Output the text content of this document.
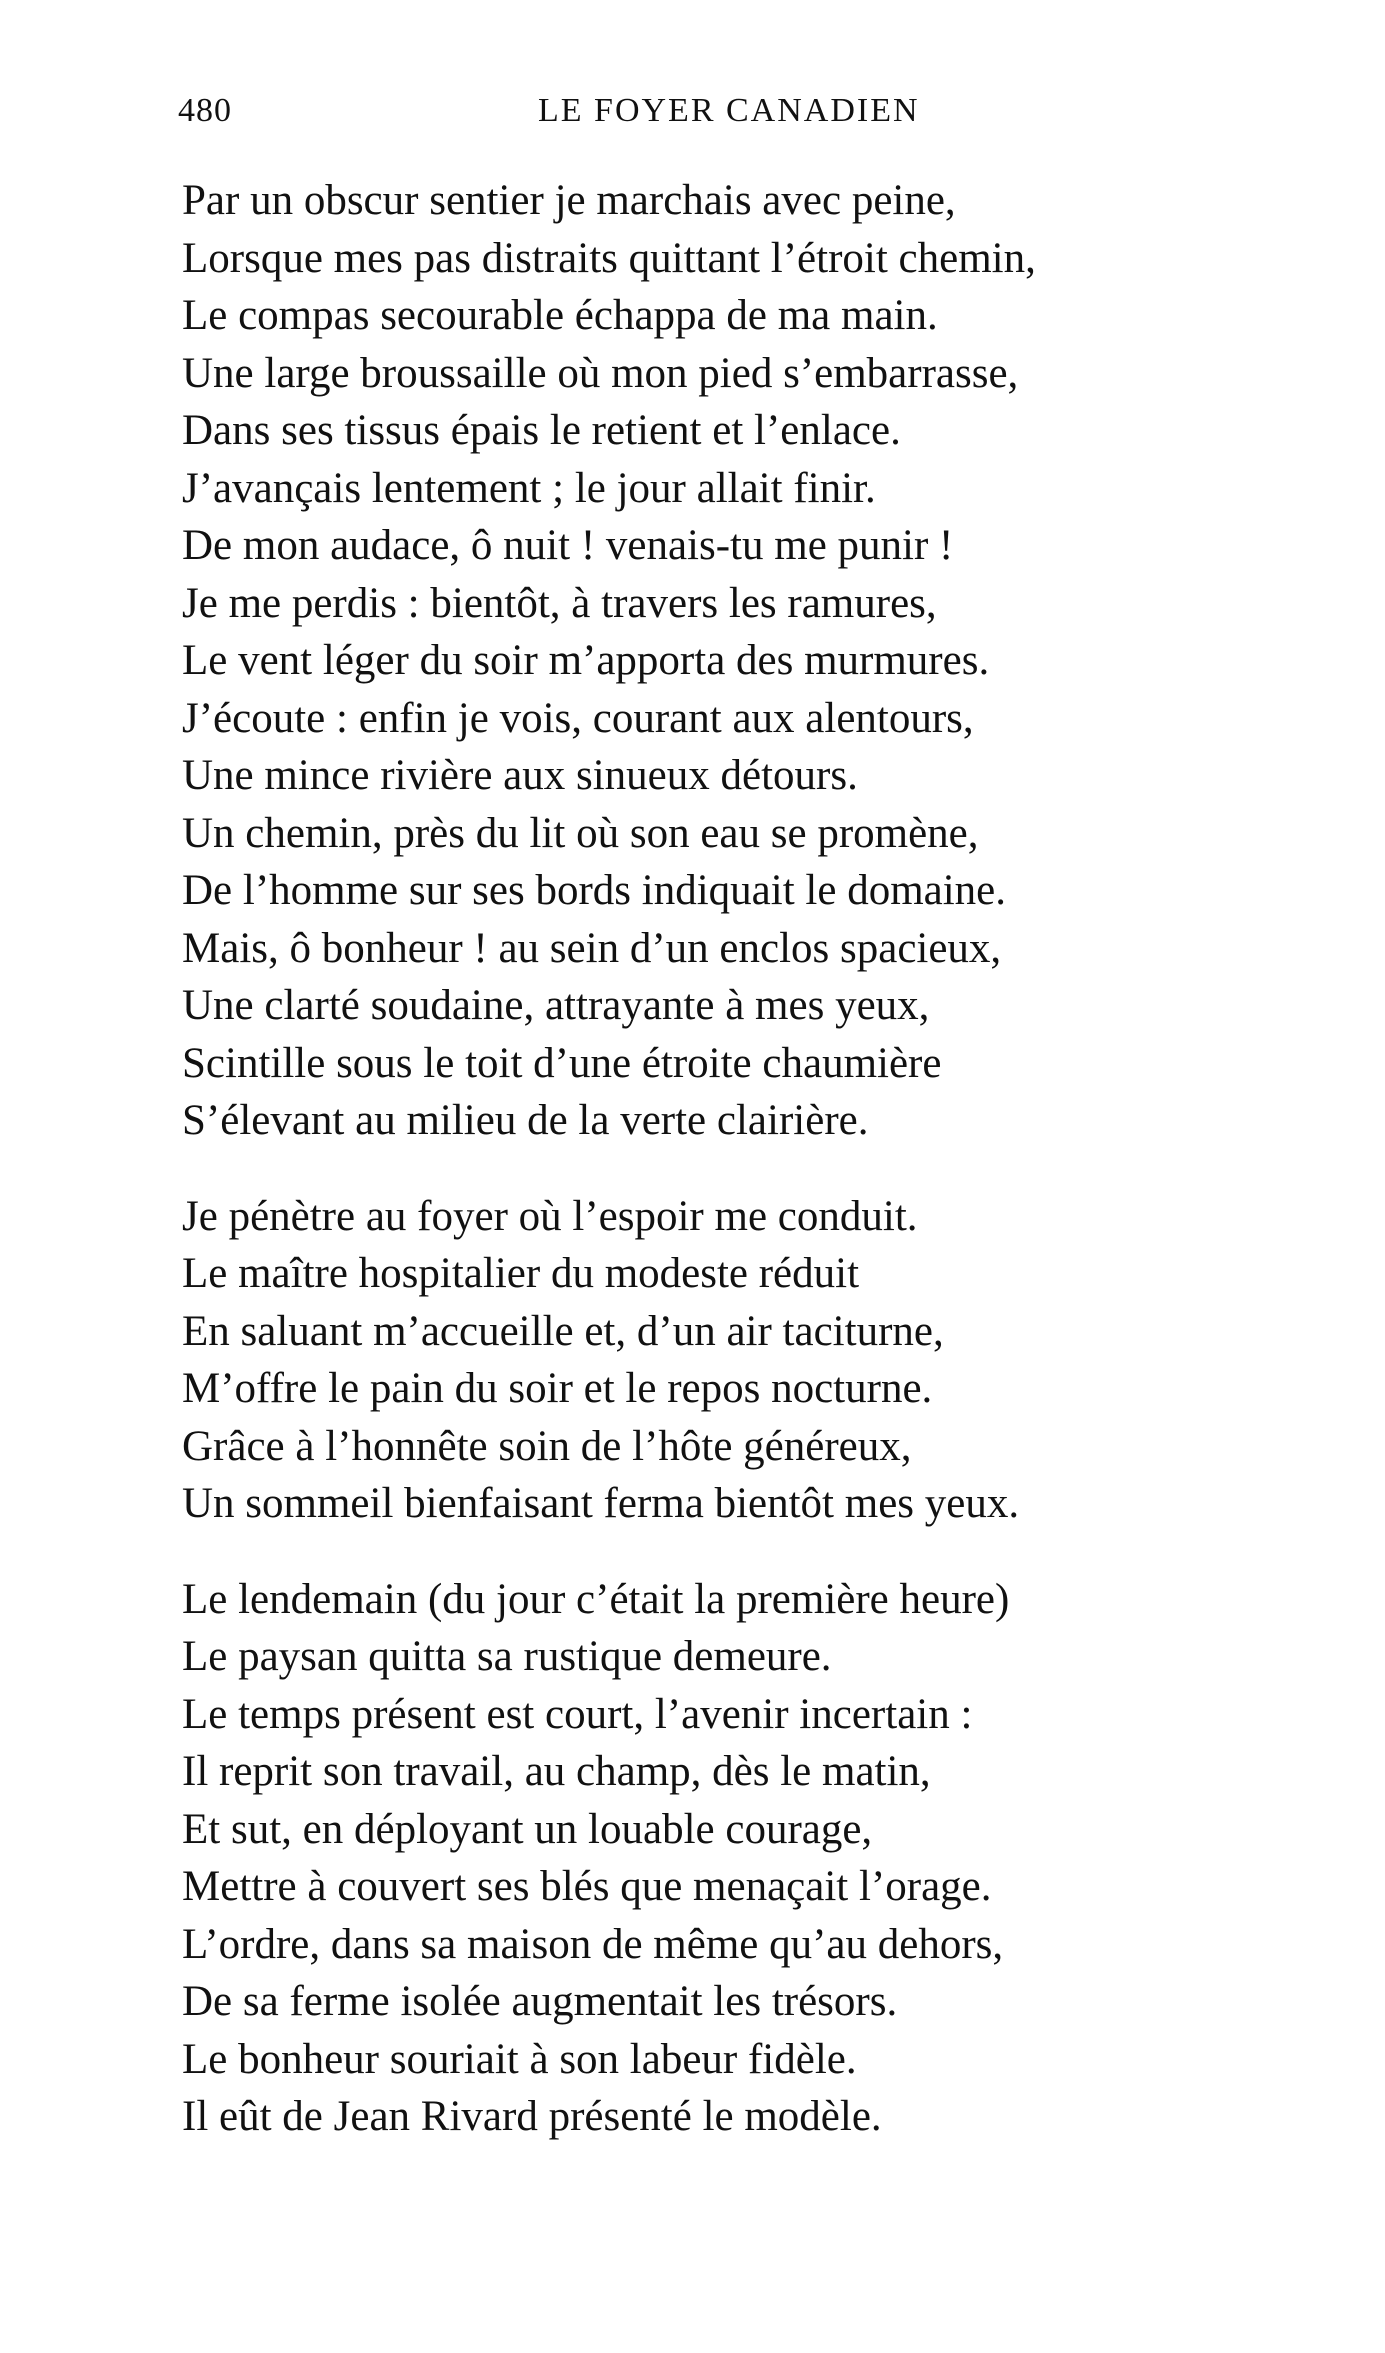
480	LE FOYER CANADIEN
Par un obscur sentier je marchais avec peine,
Lorsque mes pas distraits quittant l’étroit chemin,
Le compas secourable échappa de ma main.
Une large broussaille où mon pied s’embarrasse,
Dans ses tissus épais le retient et l’enlace.
J’avançais lentement ; le jour allait finir.
De mon audace, ô nuit ! venais-tu me punir !
Je me perdis : bientôt, à travers les ramures,
Le vent léger du soir m’apporta des murmures.
J’écoute : enfin je vois, courant aux alentours,
Une mince rivière aux sinueux détours.
Un chemin, près du lit où son eau se promène,
De l’homme sur ses bords indiquait le domaine.
Mais, ô bonheur ! au sein d’un enclos spacieux,
Une clarté soudaine, attrayante à mes yeux,
Scintille sous le toit d’une étroite chaumière
S’élevant au milieu de la verte clairière.
Je pénètre au foyer où l’espoir me conduit.
Le maître hospitalier du modeste réduit
En saluant m’accueille et, d’un air taciturne,
M’offre le pain du soir et le repos nocturne.
Grâce à l’honnête soin de l’hôte généreux,
Un sommeil bienfaisant ferma bientôt mes yeux.
Le lendemain (du jour c’était la première heure)
Le paysan quitta sa rustique demeure.
Le temps présent est court, l’avenir incertain :
Il reprit son travail, au champ, dès le matin,
Et sut, en déployant un louable courage,
Mettre à couvert ses blés que menaçait l’orage.
L’ordre, dans sa maison de même qu’au dehors,
De sa ferme isolée augmentait les trésors.
Le bonheur souriait à son labeur fidèle.
Il eût de Jean Rivard présenté le modèle.
